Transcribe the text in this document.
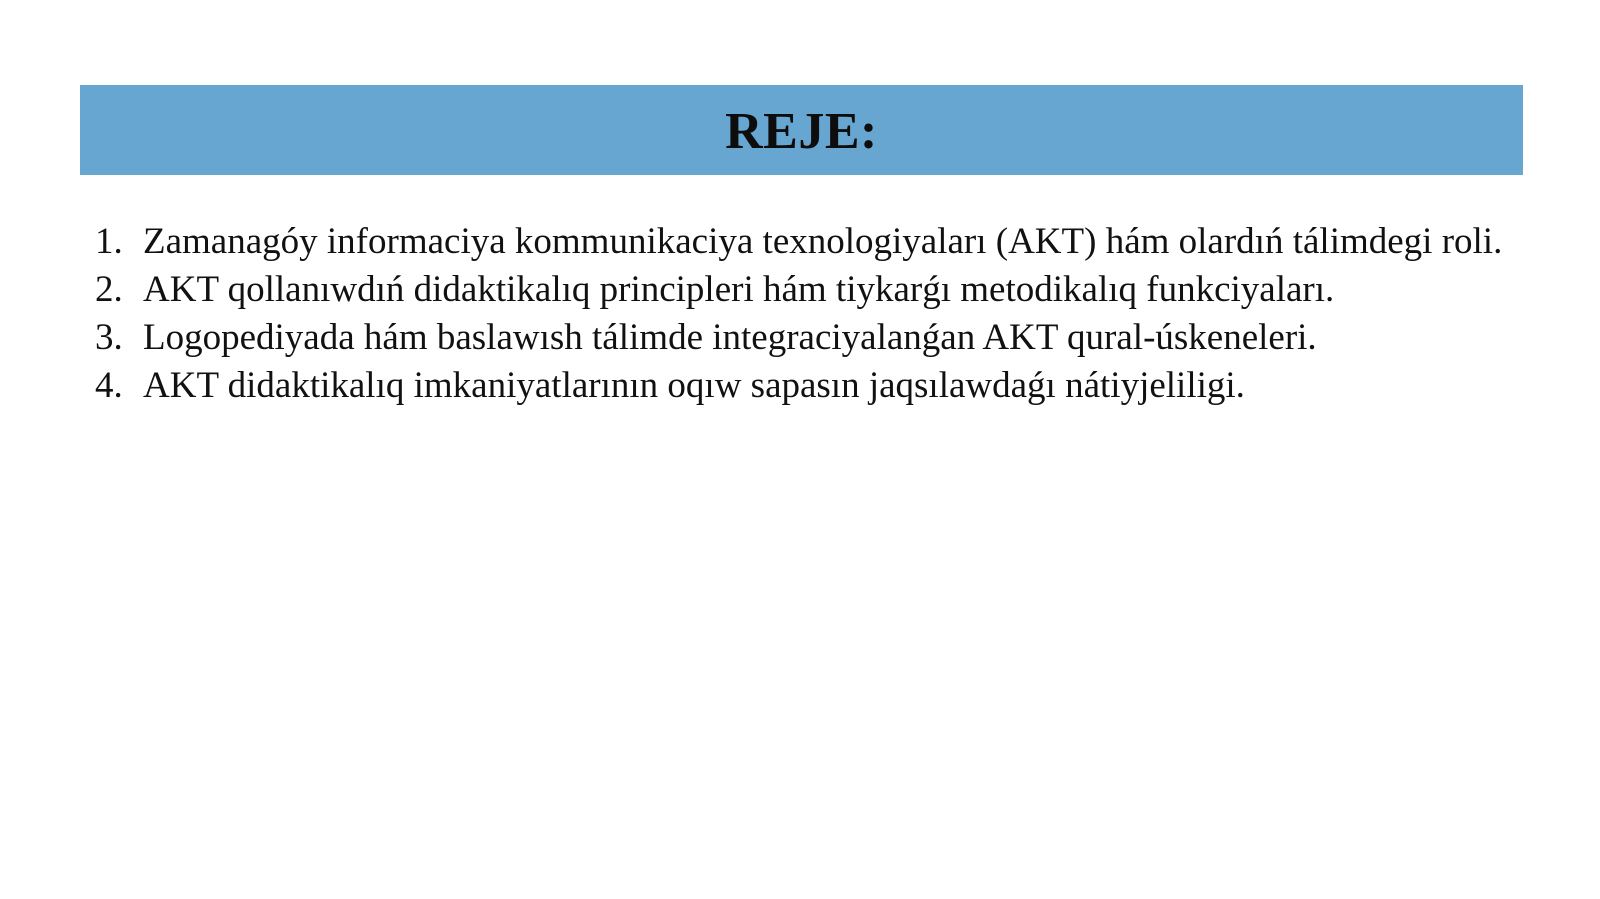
REJE:
1. Zamanagóy informaciya kommunikaciya texnologiyaları (AKT) hám olardıń tálimdegi roli.
2. AKT qollanıwdıń didaktikalıq principleri hám tiykarǵı metodikalıq funkciyaları.
3. Logopediyada hám baslawısh tálimde integraciyalanǵan AKT qural-úskeneleri.
4. AKT didaktikalıq imkaniyatlarının oqıw sapasın jaqsılawdaǵı nátiyjeliligi.
